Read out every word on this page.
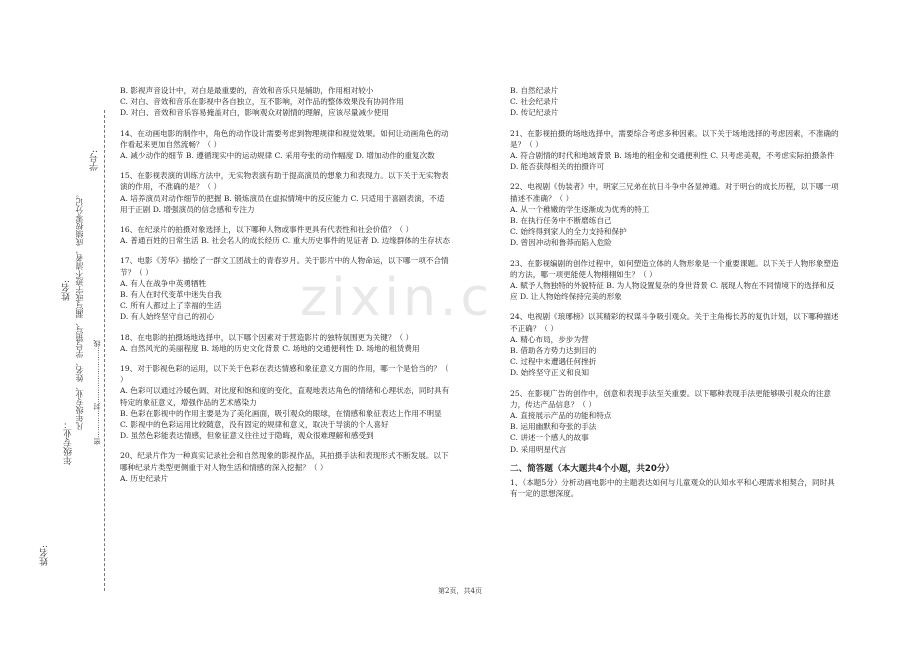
学号:
凡年级专业、姓名、学号错写、漏写或字迹不清者，成绩按零分记。
姓名:
年级专业：	密…………封……………………线
姓名:
zixin.c

B. 影视声音设计中，对白是最重要的，音效和音乐只是辅助，作用相对较小

C. 对白、音效和音乐在影视中各自独立，互不影响，对作品的整体效果没有协同作用

D. 对白、音效和音乐容易掩盖对白，影响观众对剧情的理解，应该尽量减少使用

14、在动画电影的制作中，角色的动作设计需要考虑到物理规律和视觉效果。如何让动画角色的动作看起来更加自然流畅？（ ）

A. 减少动作的细节 B. 遵循现实中的运动规律 C. 采用夸张的动作幅度 D. 增加动作的重复次数

15、在影视表演的训练方法中，无实物表演有助于提高演员的想象力和表现力。以下关于无实物表演的作用，不准确的是？（ ）

A. 培养演员对动作细节的把握 B. 锻炼演员在虚拟情境中的反应能力 C. 只适用于喜剧表演，不适用于正剧 D. 增强演员的信念感和专注力

16、在纪录片的拍摄对象选择上，以下哪种人物或事件更具有代表性和社会价值？（ ）

A. 普通百姓的日常生活 B. 社会名人的成长经历 C. 重大历史事件的见证者 D. 边缘群体的生存状态

17、电影《芳华》描绘了一群文工团战士的青春岁月。关于影片中的人物命运，以下哪一项不合情节？（ ）

A. 有人在战争中英勇牺牲

B. 有人在时代变革中迷失自我

C. 所有人都过上了幸福的生活

D. 有人始终坚守自己的初心

18、在电影的拍摄场地选择中，以下哪个因素对于营造影片的独特氛围更为关键？（ ）

A. 自然风光的美丽程度 B. 场地的历史文化背景 C. 场地的交通便利性 D. 场地的租赁费用

19、对于影视色彩的运用，以下关于色彩在表达情感和象征意义方面的作用，哪一个是恰当的？（ ）

A. 色彩可以通过冷暖色调、对比度和饱和度的变化，直观地表达角色的情绪和心理状态，同时具有特定的象征意义，增强作品的艺术感染力

B. 色彩在影视中的作用主要是为了美化画面，吸引观众的眼球，在情感和象征表达上作用不明显

C. 影视中的色彩运用比较随意，没有固定的规律和意义，取决于导演的个人喜好

D. 虽然色彩能表达情感，但象征意义往往过于隐晦，观众很难理解和感受到

20、纪录片作为一种真实记录社会和自然现象的影视作品，其拍摄手法和表现形式不断发展。以下哪种纪录片类型更侧重于对人物生活和情感的深入挖掘？（ ）

A. 历史纪录片

B. 自然纪录片

C. 社会纪录片

D. 传记纪录片

21、在影视拍摄的场地选择中，需要综合考虑多种因素。以下关于场地选择的考虑因素，不准确的是？（ ）

A. 符合剧情的时代和地域背景 B. 场地的租金和交通便利性 C. 只考虑美观，不考虑实际拍摄条件 D. 能否获得相关的拍摄许可

22、电视剧《伪装者》中，明家三兄弟在抗日斗争中各显神通。对于明台的成长历程，以下哪一项描述不准确？（ ）

A. 从一个稚嫩的学生逐渐成为优秀的特工

B. 在执行任务中不断磨练自己

C. 始终得到家人的全力支持和保护

D. 曾因冲动和鲁莽而陷入危险

23、在影视编剧的创作过程中，如何塑造立体的人物形象是一个重要课题。以下关于人物形象塑造的方法，哪一项更能使人物栩栩如生？（ ）

A. 赋予人物独特的外貌特征 B. 为人物设置复杂的身世背景 C. 展现人物在不同情境下的选择和反应 D. 让人物始终保持完美的形象

24、电视剧《琅琊榜》以其精彩的权谋斗争吸引观众。关于主角梅长苏的复仇计划，以下哪种描述不正确？（ ）

A. 精心布局，步步为营

B. 借助各方势力达到目的

C. 过程中未遭遇任何挫折

D. 始终坚守正义和良知

25、在影视广告的创作中，创意和表现手法至关重要。以下哪种表现手法更能够吸引观众的注意力，传达产品信息？（ ）

A. 直接展示产品的功能和特点

B. 运用幽默和夸张的手法

C. 讲述一个感人的故事

D. 采用明星代言

二、简答题（本大题共4个小题，共20分）
1、（本题5分）分析动画电影中的主题表达如何与儿童观众的认知水平和心理需求相契合，同时具有一定的思想深度。
第2页，共4页
